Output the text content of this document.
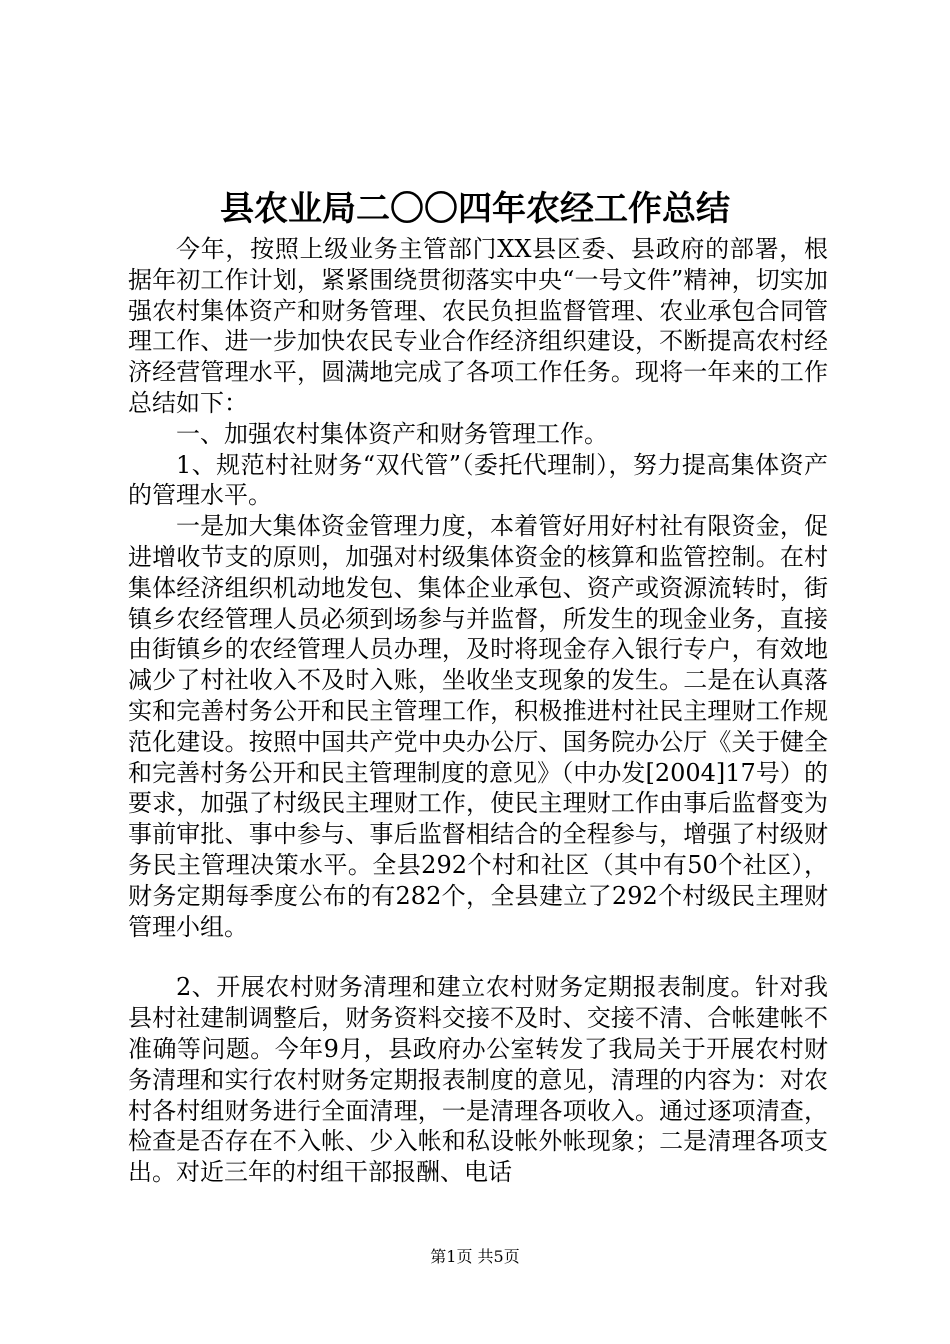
县农业局二〇〇四年农经工作总结

今年，按照上级业务主管部门XX县区委、县政府的部署，根据年初工作计划，紧紧围绕贯彻落实中央“一号文件”精神，切实加强农村集体资产和财务管理、农民负担监督管理、农业承包合同管理工作、进一步加快农民专业合作经济组织建设，不断提高农村经济经营管理水平，圆满地完成了各项工作任务。现将一年来的工作总结如下：

一、加强农村集体资产和财务管理工作。

1、规范村社财务“双代管”（委托代理制），努力提高集体资产的管理水平。

一是加大集体资金管理力度，本着管好用好村社有限资金，促进增收节支的原则，加强对村级集体资金的核算和监管控制。在村集体经济组织机动地发包、集体企业承包、资产或资源流转时，街镇乡农经管理人员必须到场参与并监督，所发生的现金业务，直接由街镇乡的农经管理人员办理，及时将现金存入银行专户，有效地减少了村社收入不及时入账，坐收坐支现象的发生。二是在认真落实和完善村务公开和民主管理工作，积极推进村社民主理财工作规范化建设。按照中国共产党中央办公厅、国务院办公厅《关于健全和完善村务公开和民主管理制度的意见》（中办发[2004]17号）的要求，加强了村级民主理财工作，使民主理财工作由事后监督变为事前审批、事中参与、事后监督相结合的全程参与，增强了村级财务民主管理决策水平。全县292个村和社区（其中有50个社区），财务定期每季度公布的有282个，全县建立了292个村级民主理财管理小组。

2、开展农村财务清理和建立农村财务定期报表制度。针对我县村社建制调整后，财务资料交接不及时、交接不清、合帐建帐不准确等问题。今年9月，县政府办公室转发了我局关于开展农村财务清理和实行农村财务定期报表制度的意见，清理的内容为：对农村各村组财务进行全面清理，一是清理各项收入。通过逐项清查，检查是否存在不入帐、少入帐和私设帐外帐现象；二是清理各项支出。对近三年的村组干部报酬、电话

第1页 共5页
